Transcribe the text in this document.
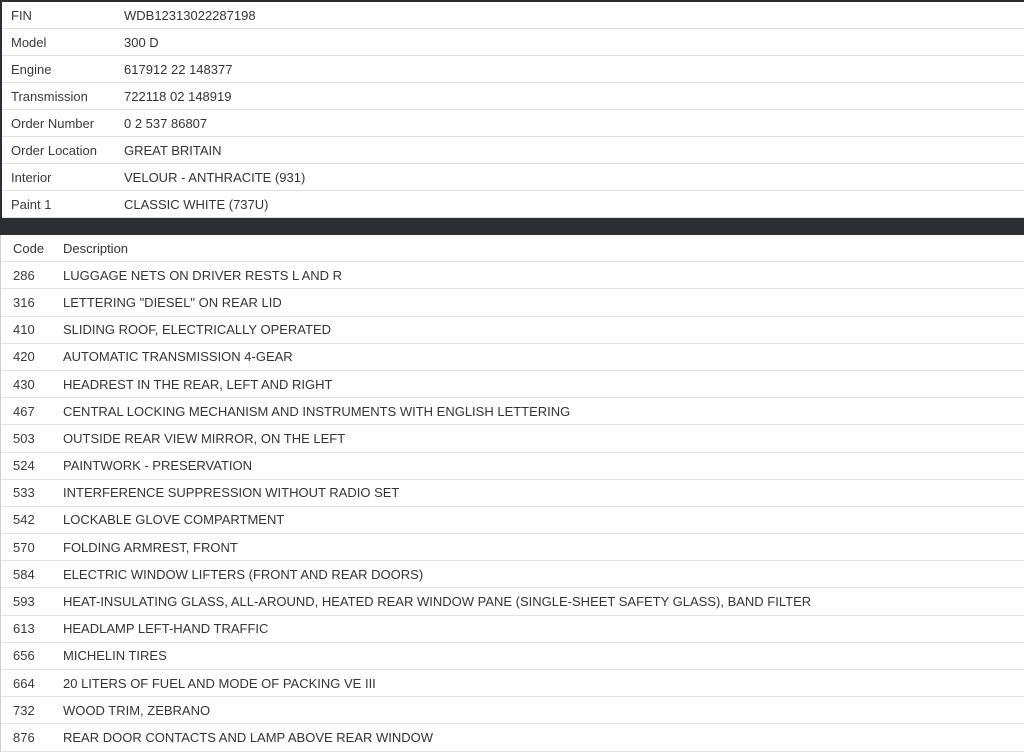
FIN	WDB12313022287198
Model	300 D
Engine	617912 22 148377
Transmission	722118 02 148919
Order Number	0 2 537 86807
Order Location	GREAT BRITAIN
Interior	VELOUR - ANTHRACITE (931)
Paint 1	CLASSIC WHITE (737U)
Code	Description
286	LUGGAGE NETS ON DRIVER RESTS L AND R
316	LETTERING "DIESEL" ON REAR LID
410	SLIDING ROOF, ELECTRICALLY OPERATED
420	AUTOMATIC TRANSMISSION 4-GEAR
430	HEADREST IN THE REAR, LEFT AND RIGHT
467	CENTRAL LOCKING MECHANISM AND INSTRUMENTS WITH ENGLISH LETTERING
503	OUTSIDE REAR VIEW MIRROR, ON THE LEFT
524	PAINTWORK - PRESERVATION
533	INTERFERENCE SUPPRESSION WITHOUT RADIO SET
542	LOCKABLE GLOVE COMPARTMENT
570	FOLDING ARMREST, FRONT
584	ELECTRIC WINDOW LIFTERS (FRONT AND REAR DOORS)
593	HEAT-INSULATING GLASS, ALL-AROUND, HEATED REAR WINDOW PANE (SINGLE-SHEET SAFETY GLASS), BAND FILTER
613	HEADLAMP LEFT-HAND TRAFFIC
656	MICHELIN TIRES
664	20 LITERS OF FUEL AND MODE OF PACKING VE III
732	WOOD TRIM, ZEBRANO
876	REAR DOOR CONTACTS AND LAMP ABOVE REAR WINDOW
